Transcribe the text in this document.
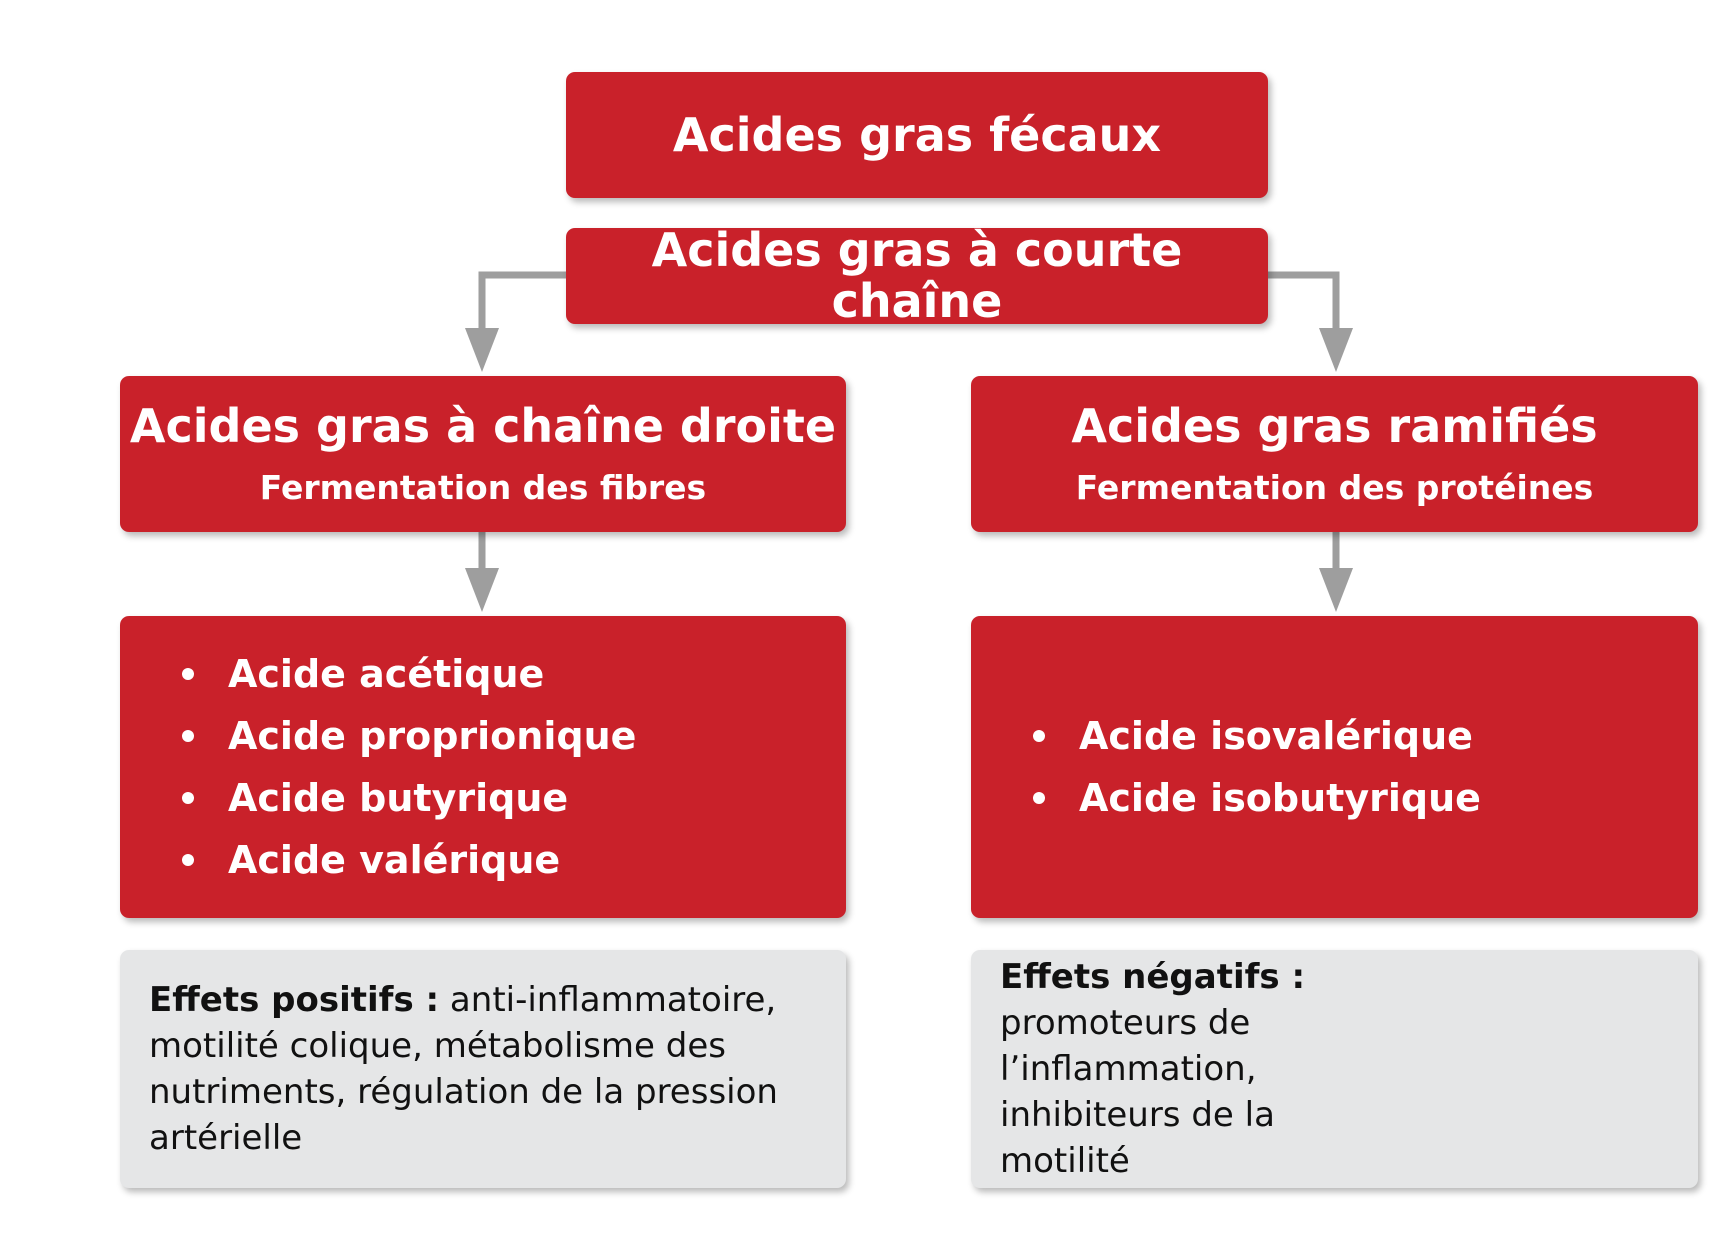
Acides gras fécaux
Acides gras à courte chaîne
Acides gras à chaîne droite
Fermentation des fibres
Acides gras ramifiés
Fermentation des protéines
Acide acétique
Acide proprionique
Acide butyrique
Acide valérique
Acide isovalérique
Acide isobutyrique
Effets positifs : anti-inflammatoire, motilité colique, métabolisme des nutriments, régulation de la pression artérielle
Effets négatifs : promoteurs de l’inflammation, inhibiteurs de la motilité
